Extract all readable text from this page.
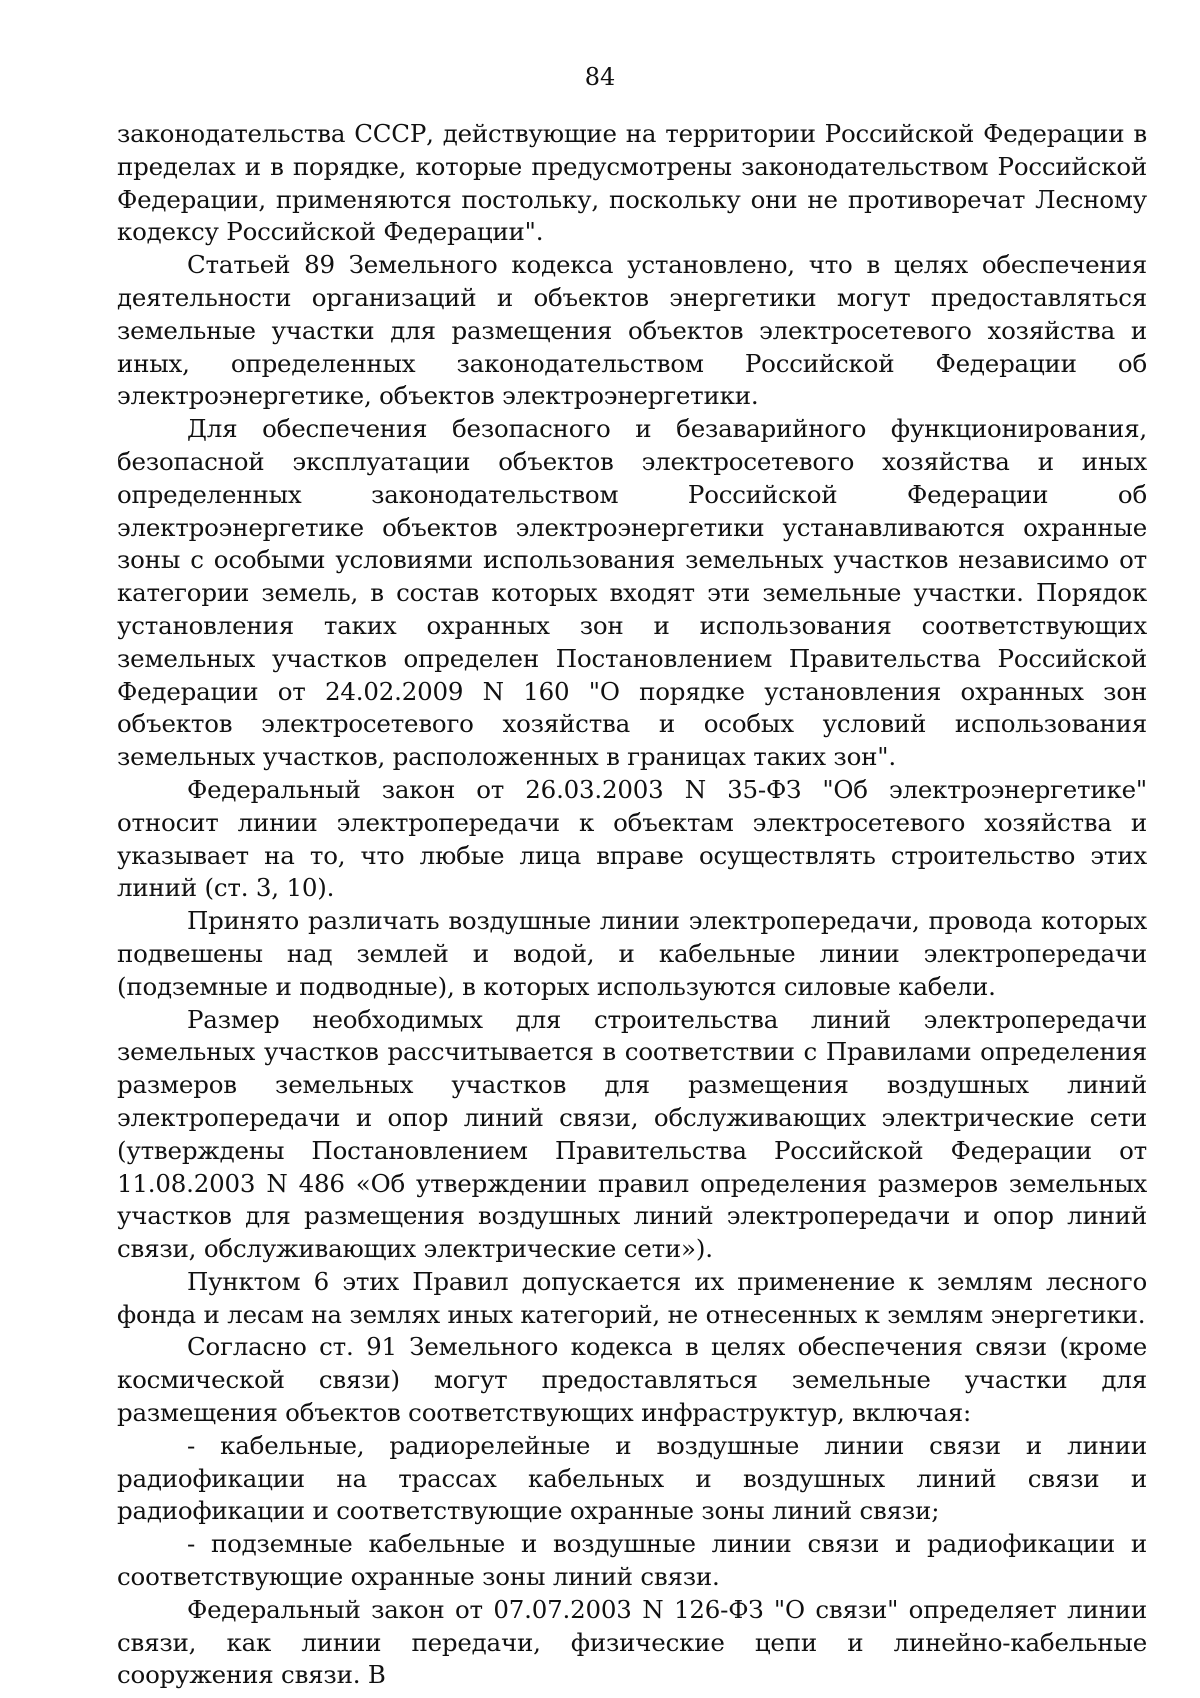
84

законодательства СССР, действующие на территории Российской Федерации в пределах и в порядке, которые предусмотрены законодательством Российской Федерации, применяются постольку, поскольку они не противоречат Лесному кодексу Российской Федерации".

Статьей 89 Земельного кодекса установлено, что в целях обеспечения деятельности организаций и объектов энергетики могут предоставляться земельные участки для размещения объектов электросетевого хозяйства и иных, определенных законодательством Российской Федерации об электроэнергетике, объектов электроэнергетики.

Для обеспечения безопасного и безаварийного функционирования, безопасной эксплуатации объектов электросетевого хозяйства и иных определенных законодательством Российской Федерации об электроэнергетике объектов электроэнергетики устанавливаются охранные зоны с особыми условиями использования земельных участков независимо от категории земель, в состав которых входят эти земельные участки. Порядок установления таких охранных зон и использования соответствующих земельных участков определен Постановлением Правительства Российской Федерации от 24.02.2009 N 160 "О порядке установления охранных зон объектов электросетевого хозяйства и особых условий использования земельных участков, расположенных в границах таких зон".

Федеральный закон от 26.03.2003 N 35-ФЗ "Об электроэнергетике" относит линии электропередачи к объектам электросетевого хозяйства и указывает на то, что любые лица вправе осуществлять строительство этих линий (ст. 3, 10).

Принято различать воздушные линии электропередачи, провода которых подвешены над землей и водой, и кабельные линии электропередачи (подземные и подводные), в которых используются силовые кабели.

Размер необходимых для строительства линий электропередачи земельных участков рассчитывается в соответствии с Правилами определения размеров земельных участков для размещения воздушных линий электропередачи и опор линий связи, обслуживающих электрические сети (утверждены Постановлением Правительства Российской Федерации от 11.08.2003 N 486 «Об утверждении правил определения размеров земельных участков для размещения воздушных линий электропередачи и опор линий связи, обслуживающих электрические сети»).

Пунктом 6 этих Правил допускается их применение к землям лесного фонда и лесам на землях иных категорий, не отнесенных к землям энергетики.

Согласно ст. 91 Земельного кодекса в целях обеспечения связи (кроме космической связи) могут предоставляться земельные участки для размещения объектов соответствующих инфраструктур, включая:

- кабельные, радиорелейные и воздушные линии связи и линии радиофикации на трассах кабельных и воздушных линий связи и радиофикации и соответствующие охранные зоны линий связи;

- подземные кабельные и воздушные линии связи и радиофикации и соответствующие охранные зоны линий связи.

Федеральный закон от 07.07.2003 N 126-ФЗ "О связи" определяет линии связи, как линии передачи, физические цепи и линейно-кабельные сооружения связи. В
